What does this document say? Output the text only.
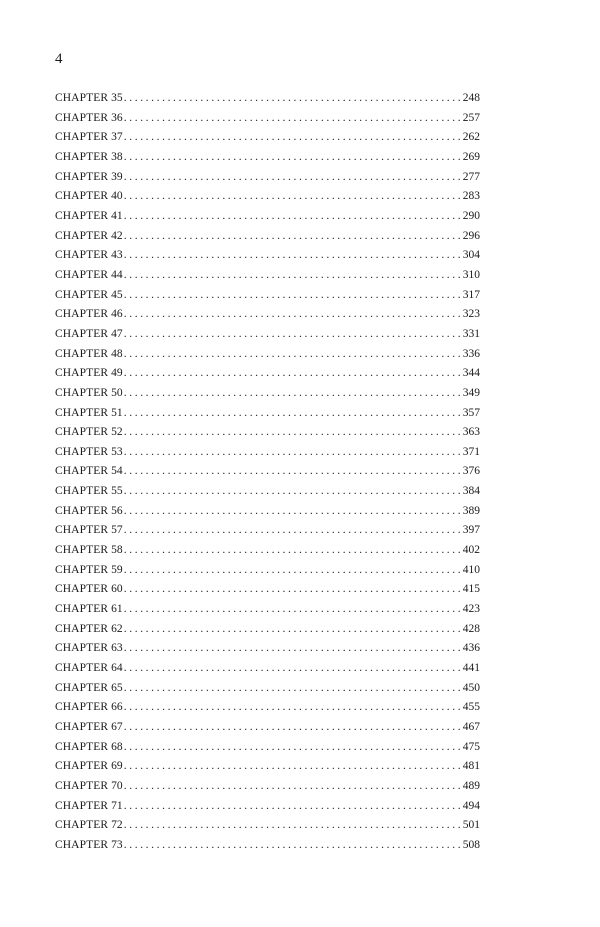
4
CHAPTER 35 .....	248
CHAPTER 36 .....	257
CHAPTER 37 .....	262
CHAPTER 38 .....	269
CHAPTER 39 .....	277
CHAPTER 40 .....	283
CHAPTER 41 .....	290
CHAPTER 42 .....	296
CHAPTER 43 .....	304
CHAPTER 44 .....	310
CHAPTER 45 .....	317
CHAPTER 46 .....	323
CHAPTER 47 .....	331
CHAPTER 48 .....	336
CHAPTER 49 .....	344
CHAPTER 50 .....	349
CHAPTER 51 .....	357
CHAPTER 52 .....	363
CHAPTER 53 .....	371
CHAPTER 54 .....	376
CHAPTER 55 .....	384
CHAPTER 56 .....	389
CHAPTER 57 .....	397
CHAPTER 58 .....	402
CHAPTER 59 .....	410
CHAPTER 60 .....	415
CHAPTER 61 .....	423
CHAPTER 62 .....	428
CHAPTER 63 .....	436
CHAPTER 64 .....	441
CHAPTER 65 .....	450
CHAPTER 66 .....	455
CHAPTER 67 .....	467
CHAPTER 68 .....	475
CHAPTER 69 .....	481
CHAPTER 70 .....	489
CHAPTER 71 .....	494
CHAPTER 72 .....	501
CHAPTER 73 .....	508
